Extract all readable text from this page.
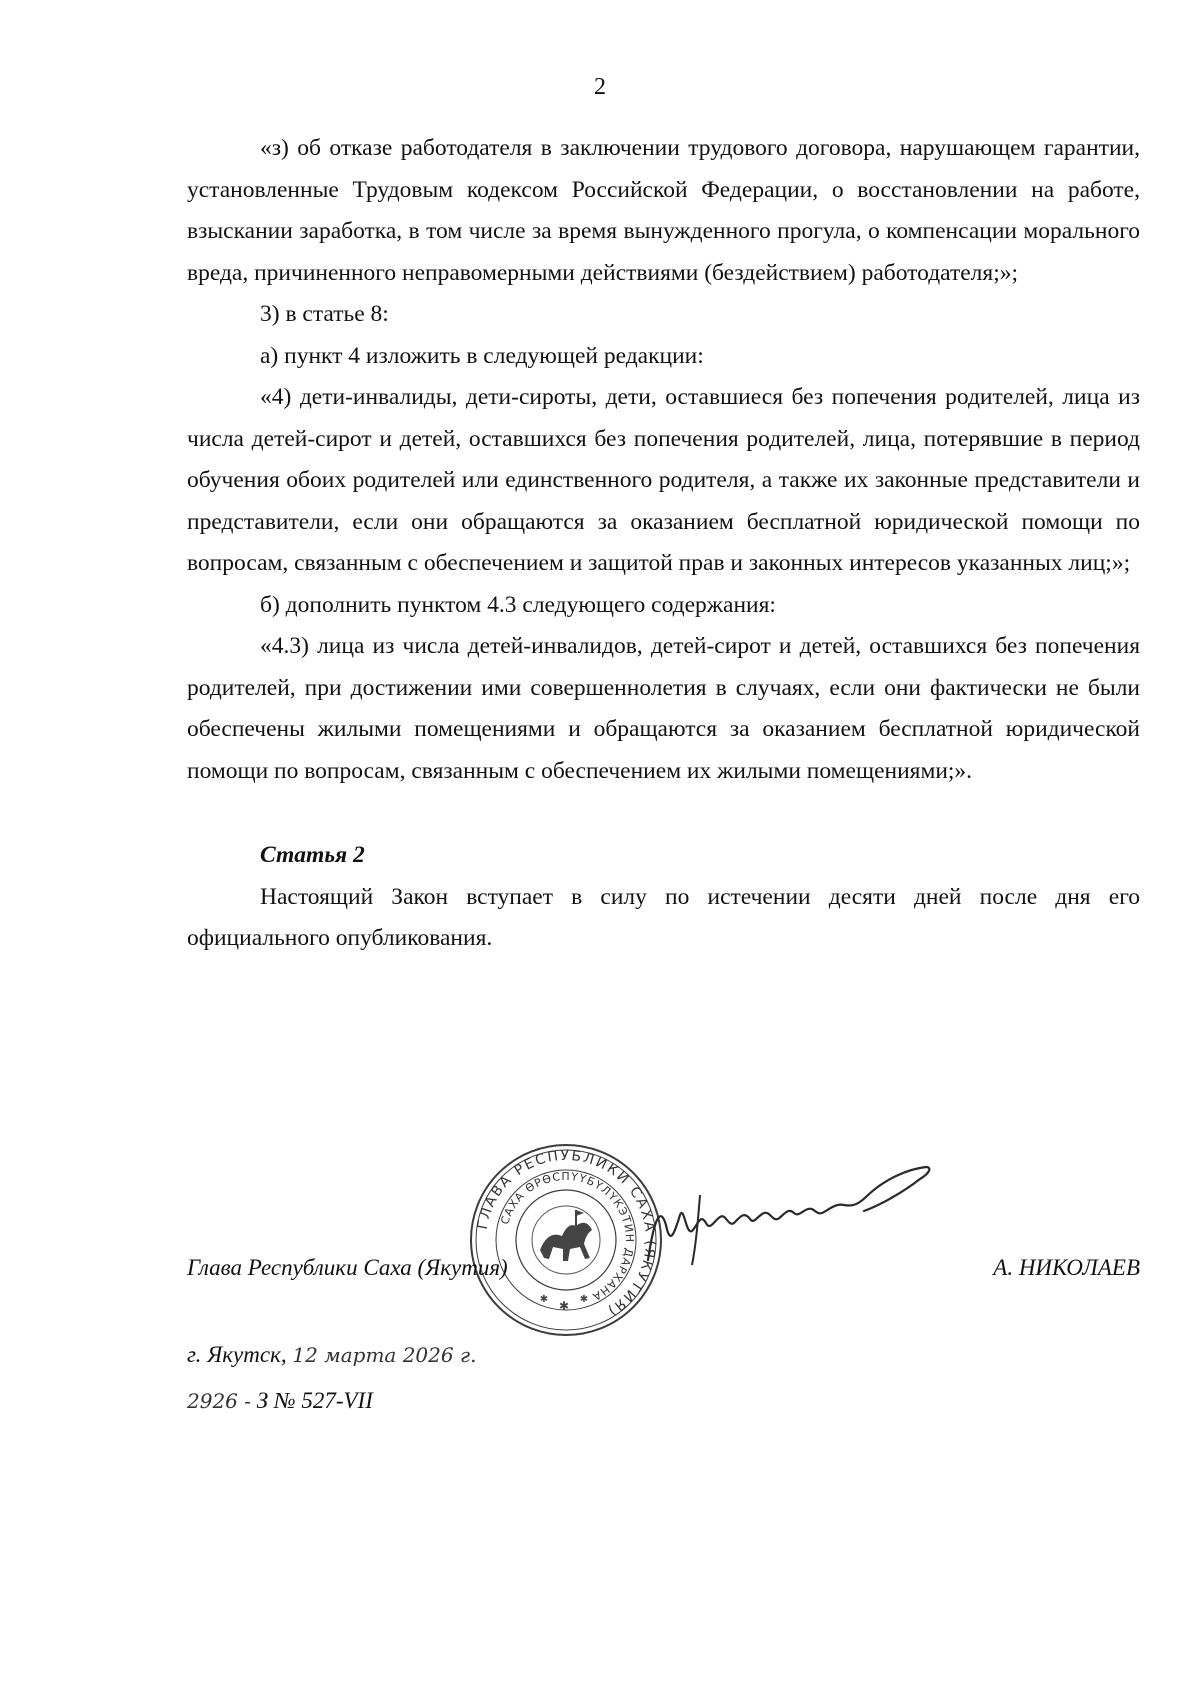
2

«з) об отказе работодателя в заключении трудового договора, нарушающем гарантии, установленные Трудовым кодексом Российской Федерации, о восстановлении на работе, взыскании заработка, в том числе за время вынужденного прогула, о компенсации морального вреда, причиненного неправомерными действиями (бездействием) работодателя;»;

3) в статье 8:

а) пункт 4 изложить в следующей редакции:

«4) дети-инвалиды, дети-сироты, дети, оставшиеся без попечения родителей, лица из числа детей-сирот и детей, оставшихся без попечения родителей, лица, потерявшие в период обучения обоих родителей или единственного родителя, а также их законные представители и представители, если они обращаются за оказанием бесплатной юридической помощи по вопросам, связанным с обеспечением и защитой прав и законных интересов указанных лиц;»;

б) дополнить пунктом 4.3 следующего содержания:

«4.3) лица из числа детей-инвалидов, детей-сирот и детей, оставшихся без попечения родителей, при достижении ими совершеннолетия в случаях, если они фактически не были обеспечены жилыми помещениями и обращаются за оказанием бесплатной юридической помощи по вопросам, связанным с обеспечением их жилыми помещениями;».

Статья 2

Настоящий Закон вступает в силу по истечении десяти дней после дня его официального опубликования.

ГЛАВА РЕСПУБЛИКИ САХА (ЯКУТИЯ)
САХА ӨРӨСПҮҮБҮЛҮКЭТИН ДАРХАНА
✱
✱	✱
Глава Республики Саха (Якутия)	А. НИКОЛАЕВ
г. Якутск, 12 марта 2026 г.
2926 - З № 527-VII
